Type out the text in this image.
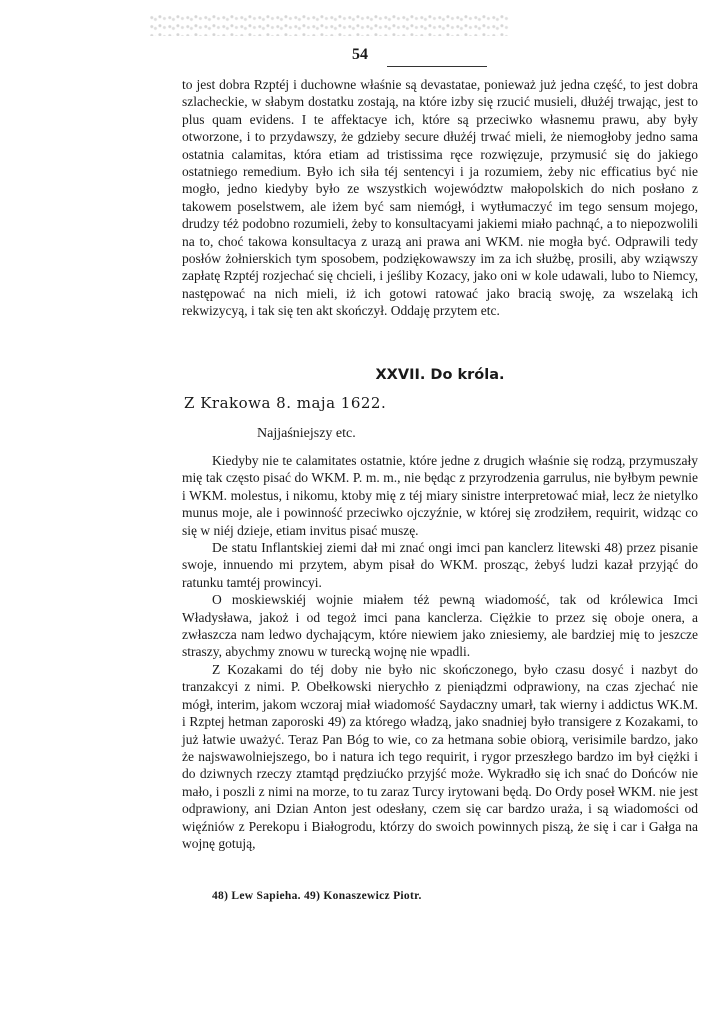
54

to jest dobra Rzptéj i duchowne właśnie są devastatae, ponieważ już jedna część, to jest dobra szlacheckie, w słabym dostatku zostają, na które izby się rzucić musieli, dłużéj trwając, jest to plus quam evidens. I te affektacye ich, które są przeciwko własnemu prawu, aby były otworzone, i to przydawszy, że gdzieby secure dłużéj trwać mieli, że niemogłoby jedno sama ostatnia calamitas, która etiam ad tristissima ręce rozwięzuje, przymusić się do jakiego ostatniego remedium. Było ich siła téj sentencyi i ja rozumiem, żeby nic efficatius być nie mogło, jedno kiedyby było ze wszystkich województw małopolskich do nich posłano z takowem poselstwem, ale iżem być sam niemógł, i wytłumaczyć im tego sensum mojego, drudzy téż podobno rozumieli, żeby to konsultacyami jakiemi miało pachnąć, a to niepozwolili na to, choć takowa konsultacya z urazą ani prawa ani WKM. nie mogła być. Odprawili tedy posłów żołnierskich tym sposobem, podziękowawszy im za ich służbę, prosili, aby wziąwszy zapłatę Rzptéj rozjechać się chcieli, i jeśliby Kozacy, jako oni w kole udawali, lubo to Niemcy, następować na nich mieli, iż ich gotowi ratować jako bracią swoję, za wszelaką ich rekwizycyą, i tak się ten akt skończył. Oddaję przytem etc.

XXVII. Do króla.
Z Krakowa 8. maja 1622.
Najjaśniejszy etc.

Kiedyby nie te calamitates ostatnie, które jedne z drugich właśnie się rodzą, przymuszały mię tak często pisać do WKM. P. m. m., nie będąc z przyrodzenia garrulus, nie byłbym pewnie i WKM. molestus, i nikomu, ktoby mię z téj miary sinistre interpretować miał, lecz że nietylko munus moje, ale i powinność przeciwko ojczyźnie, w której się zrodziłem, requirit, widząc co się w niéj dzieje, etiam invitus pisać muszę.

De statu Inflantskiej ziemi dał mi znać ongi imci pan kanclerz litewski 48) przez pisanie swoje, innuendo mi przytem, abym pisał do WKM. prosząc, żebyś ludzi kazał przyjąć do ratunku tamtéj prowincyi.

O moskiewskiéj wojnie miałem téż pewną wiadomość, tak od królewica Imci Władysława, jakoż i od tegoż imci pana kanclerza. Ciężkie to przez się oboje onera, a zwłaszcza nam ledwo dychającym, które niewiem jako zniesiemy, ale bardziej mię to jeszcze straszy, abychmy znowu w turecką wojnę nie wpadli.

Z Kozakami do téj doby nie było nic skończonego, było czasu dosyć i nazbyt do tranzakcyi z nimi. P. Obełkowski nierychło z pieniądzmi odprawiony, na czas zjechać nie mógł, interim, jakom wczoraj miał wiadomość Saydaczny umarł, tak wierny i addictus WK.M. i Rzptej hetman zaporoski 49) za którego władzą, jako snadniej było transigere z Kozakami, to już łatwie uważyć. Teraz Pan Bóg to wie, co za hetmana sobie obiorą, verisimile bardzo, jako że najswawolniejszego, bo i natura ich tego requirit, i rygor przeszłego bardzo im był ciężki i do dziwnych rzeczy ztamtąd prędziućko przyjść może. Wykradło się ich snać do Dońców nie mało, i poszli z nimi na morze, to tu zaraz Turcy irytowani będą. Do Ordy poseł WKM. nie jest odprawiony, ani Dzian Anton jest odesłany, czem się car bardzo uraża, i są wiadomości od więźniów z Perekopu i Białogrodu, którzy do swoich powinnych piszą, że się i car i Gałga na wojnę gotują,

48) Lew Sapieha. 49) Konaszewicz Piotr.
